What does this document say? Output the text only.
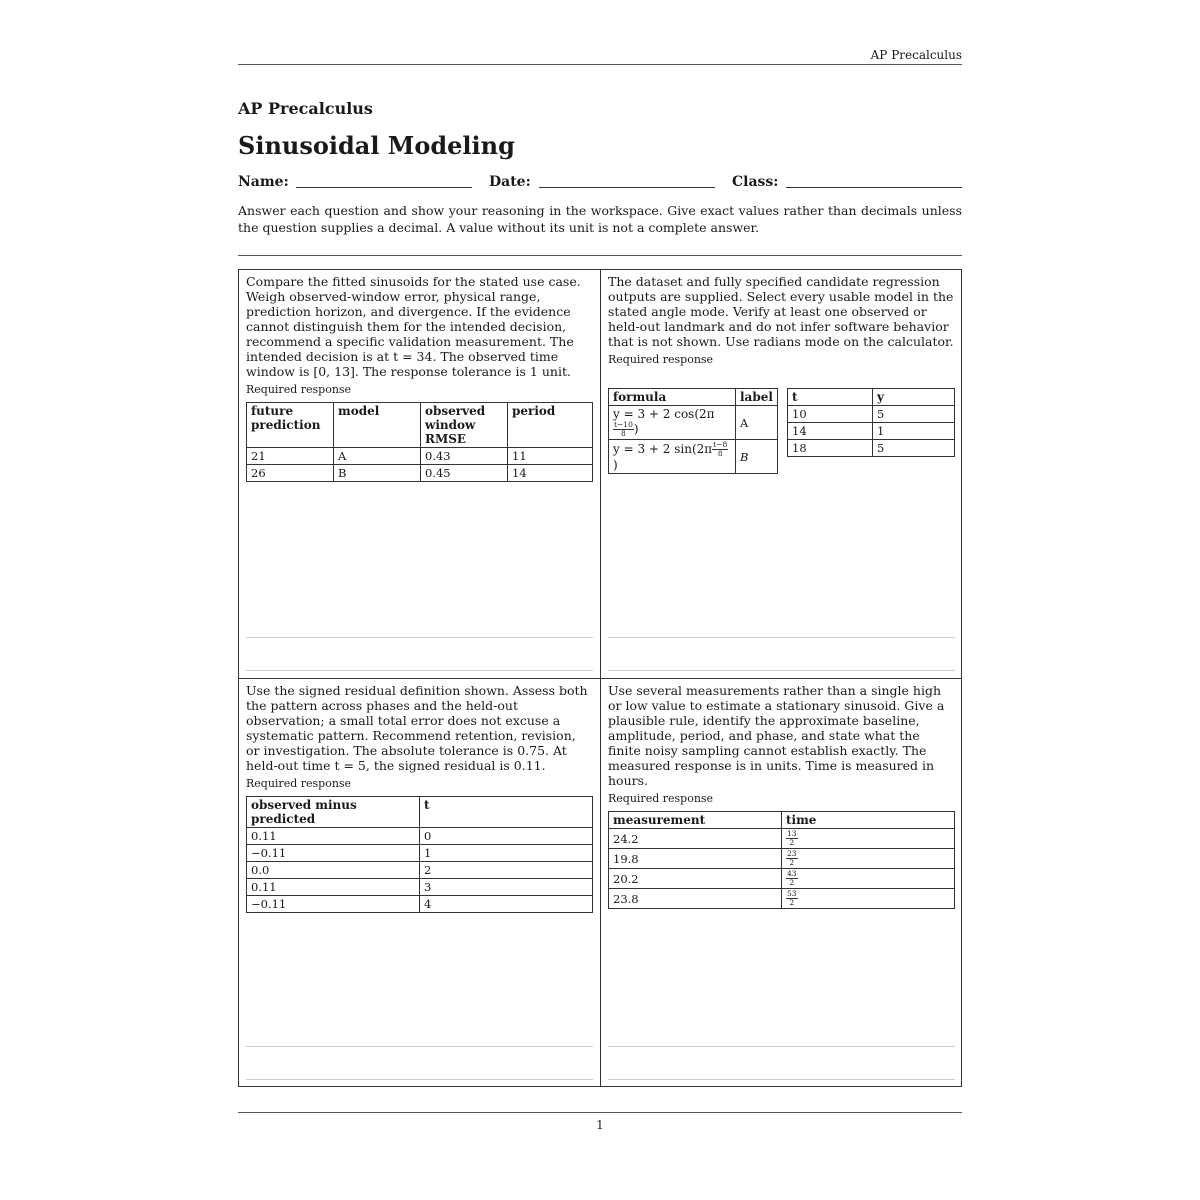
AP Precalculus
AP Precalculus
Sinusoidal Modeling
Name:	Date:	Class:
Answer each question and show your reasoning in the workspace. Give exact values rather than decimals unless the question supplies a decimal. A value without its unit is not a complete answer.

Compare the fitted sinusoids for the stated use case. Weigh observed-window error, physical range, prediction horizon, and divergence. If the evidence cannot distinguish them for the intended decision, recommend a specific validation measurement. The intended decision is at t = 34. The observed time window is [0, 13]. The response tolerance is 1 unit.

Required response
future prediction	model	observed window RMSE	period
21	A	0.43	11
26	B	0.45	14

The dataset and fully specified candidate regression outputs are supplied. Select every usable model in the stated angle mode. Verify at least one observed or held-out landmark and do not infer software behavior that is not shown. Use radians mode on the calculator.

Required response
formula	label
y = 3 + 2 cos(2π
$\frac{t-10}{8}$ )	A
y = 3 + 2 $\sin(2\pi \frac{t-8}{8}$
)	B
t	y
10	5
14	1
18	5

Use the signed residual definition shown. Assess both the pattern across phases and the held-out observation; a small total error does not excuse a systematic pattern. Recommend retention, revision, or investigation. The absolute tolerance is 0.75. At held-out time t = 5, the signed residual is 0.11.

Required response
observed minus predicted	t
0.11	0
−0.11	1
0.0	2
0.11	3
−0.11	4

Use several measurements rather than a single high or low value to estimate a stationary sinusoid. Give a plausible rule, identify the approximate baseline, amplitude, period, and phase, and state what the finite noisy sampling cannot establish exactly. The measured response is in units. Time is measured in hours.

Required response
measurement	time
24.2	$\frac{13}{2}$

19.8	$\frac{23}{2}$

20.2	$\frac{43}{2}$

23.8	$\frac{53}{2}$
1
